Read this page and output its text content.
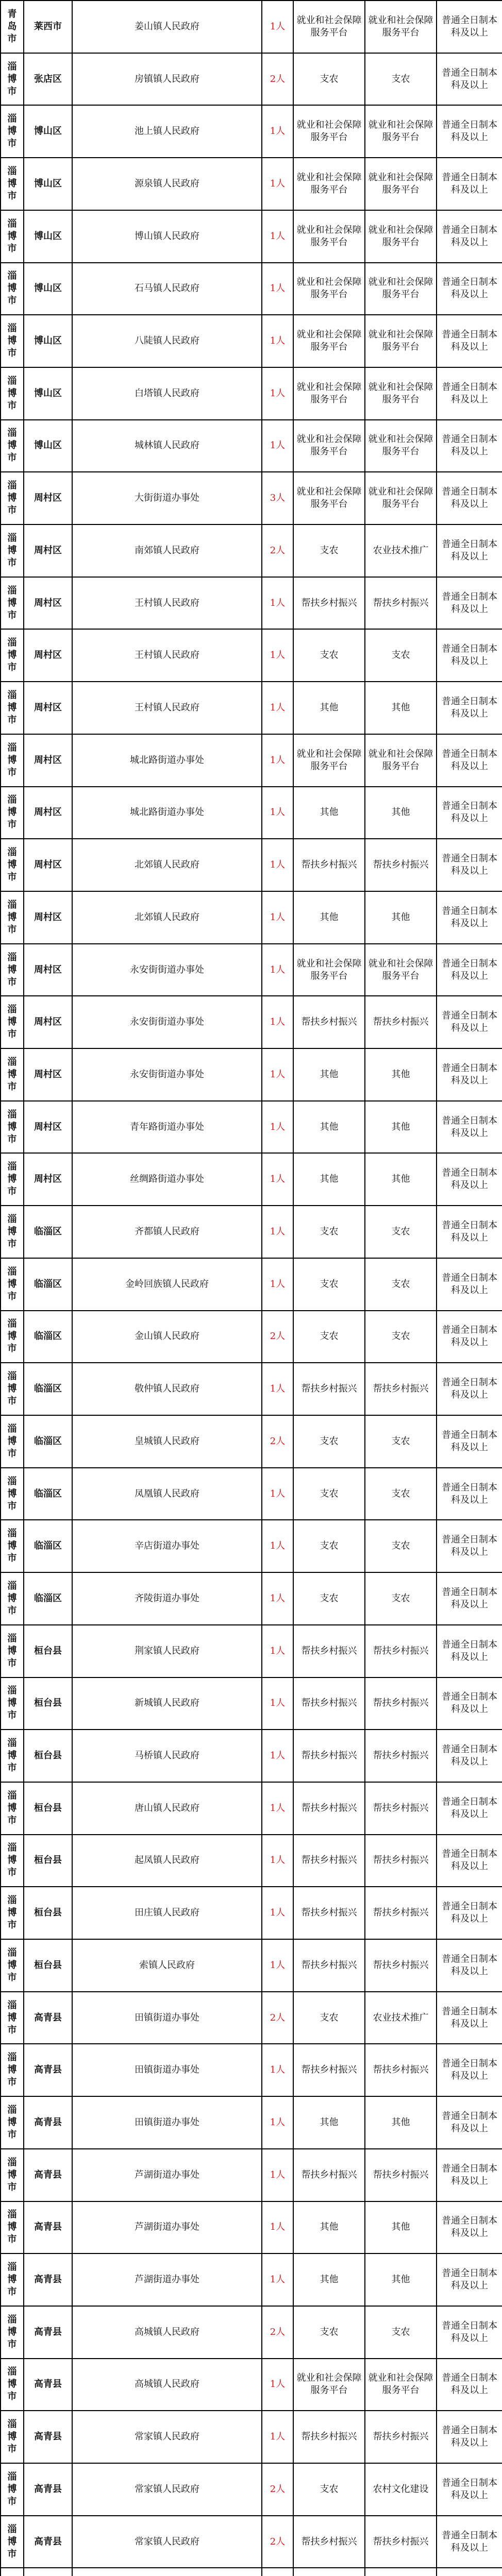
青岛市	莱西市	姜山镇人民政府	1人	就业和社会保障服务平台	就业和社会保障服务平台	普通全日制本科及以上
淄博市	张店区	房镇镇人民政府	2人	支农	支农	普通全日制本科及以上
淄博市	博山区	池上镇人民政府	1人	就业和社会保障服务平台	就业和社会保障服务平台	普通全日制本科及以上
淄博市	博山区	源泉镇人民政府	1人	就业和社会保障服务平台	就业和社会保障服务平台	普通全日制本科及以上
淄博市	博山区	博山镇人民政府	1人	就业和社会保障服务平台	就业和社会保障服务平台	普通全日制本科及以上
淄博市	博山区	石马镇人民政府	1人	就业和社会保障服务平台	就业和社会保障服务平台	普通全日制本科及以上
淄博市	博山区	八陡镇人民政府	1人	就业和社会保障服务平台	就业和社会保障服务平台	普通全日制本科及以上
淄博市	博山区	白塔镇人民政府	1人	就业和社会保障服务平台	就业和社会保障服务平台	普通全日制本科及以上
淄博市	博山区	城林镇人民政府	1人	就业和社会保障服务平台	就业和社会保障服务平台	普通全日制本科及以上
淄博市	周村区	大街街道办事处	3人	就业和社会保障服务平台	就业和社会保障服务平台	普通全日制本科及以上
淄博市	周村区	南郊镇人民政府	2人	支农	农业技术推广	普通全日制本科及以上
淄博市	周村区	王村镇人民政府	1人	帮扶乡村振兴	帮扶乡村振兴	普通全日制本科及以上
淄博市	周村区	王村镇人民政府	1人	支农	支农	普通全日制本科及以上
淄博市	周村区	王村镇人民政府	1人	其他	其他	普通全日制本科及以上
淄博市	周村区	城北路街道办事处	1人	就业和社会保障服务平台	就业和社会保障服务平台	普通全日制本科及以上
淄博市	周村区	城北路街道办事处	1人	其他	其他	普通全日制本科及以上
淄博市	周村区	北郊镇人民政府	1人	帮扶乡村振兴	帮扶乡村振兴	普通全日制本科及以上
淄博市	周村区	北郊镇人民政府	1人	其他	其他	普通全日制本科及以上
淄博市	周村区	永安街街道办事处	1人	就业和社会保障服务平台	就业和社会保障服务平台	普通全日制本科及以上
淄博市	周村区	永安街街道办事处	1人	帮扶乡村振兴	帮扶乡村振兴	普通全日制本科及以上
淄博市	周村区	永安街街道办事处	1人	其他	其他	普通全日制本科及以上
淄博市	周村区	青年路街道办事处	1人	其他	其他	普通全日制本科及以上
淄博市	周村区	丝绸路街道办事处	1人	其他	其他	普通全日制本科及以上
淄博市	临淄区	齐都镇人民政府	1人	支农	支农	普通全日制本科及以上
淄博市	临淄区	金岭回族镇人民政府	1人	支农	支农	普通全日制本科及以上
淄博市	临淄区	金山镇人民政府	2人	支农	支农	普通全日制本科及以上
淄博市	临淄区	敬仲镇人民政府	1人	帮扶乡村振兴	帮扶乡村振兴	普通全日制本科及以上
淄博市	临淄区	皇城镇人民政府	2人	支农	支农	普通全日制本科及以上
淄博市	临淄区	凤凰镇人民政府	1人	支农	支农	普通全日制本科及以上
淄博市	临淄区	辛店街道办事处	1人	支农	支农	普通全日制本科及以上
淄博市	临淄区	齐陵街道办事处	1人	支农	支农	普通全日制本科及以上
淄博市	桓台县	荆家镇人民政府	1人	帮扶乡村振兴	帮扶乡村振兴	普通全日制本科及以上
淄博市	桓台县	新城镇人民政府	1人	帮扶乡村振兴	帮扶乡村振兴	普通全日制本科及以上
淄博市	桓台县	马桥镇人民政府	1人	帮扶乡村振兴	帮扶乡村振兴	普通全日制本科及以上
淄博市	桓台县	唐山镇人民政府	1人	帮扶乡村振兴	帮扶乡村振兴	普通全日制本科及以上
淄博市	桓台县	起凤镇人民政府	1人	帮扶乡村振兴	帮扶乡村振兴	普通全日制本科及以上
淄博市	桓台县	田庄镇人民政府	1人	帮扶乡村振兴	帮扶乡村振兴	普通全日制本科及以上
淄博市	桓台县	索镇人民政府	1人	帮扶乡村振兴	帮扶乡村振兴	普通全日制本科及以上
淄博市	高青县	田镇街道办事处	2人	支农	农业技术推广	普通全日制本科及以上
淄博市	高青县	田镇街道办事处	1人	帮扶乡村振兴	帮扶乡村振兴	普通全日制本科及以上
淄博市	高青县	田镇街道办事处	1人	其他	其他	普通全日制本科及以上
淄博市	高青县	芦湖街道办事处	1人	帮扶乡村振兴	帮扶乡村振兴	普通全日制本科及以上
淄博市	高青县	芦湖街道办事处	1人	其他	其他	普通全日制本科及以上
淄博市	高青县	芦湖街道办事处	1人	其他	其他	普通全日制本科及以上
淄博市	高青县	高城镇人民政府	2人	支农	支农	普通全日制本科及以上
淄博市	高青县	高城镇人民政府	1人	就业和社会保障服务平台	就业和社会保障服务平台	普通全日制本科及以上
淄博市	高青县	常家镇人民政府	1人	帮扶乡村振兴	帮扶乡村振兴	普通全日制本科及以上
淄博市	高青县	常家镇人民政府	2人	支农	农村文化建设	普通全日制本科及以上
淄博市	高青县	常家镇人民政府	2人	帮扶乡村振兴	帮扶乡村振兴	普通全日制本科及以上
